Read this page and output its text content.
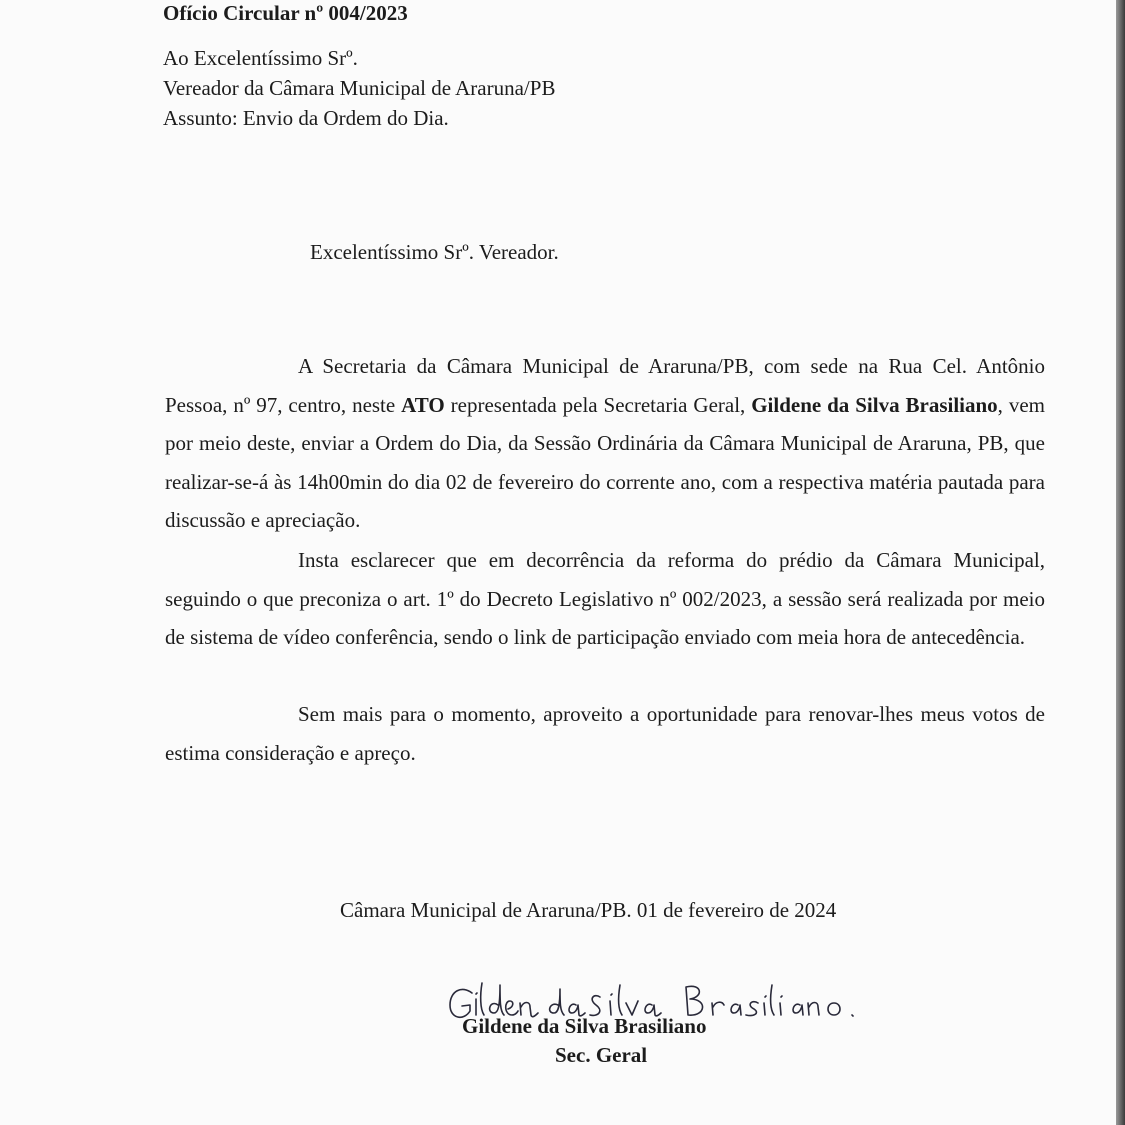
Ofício Circular nº 004/2023
Ao Excelentíssimo Srº.
Vereador da Câmara Municipal de Araruna/PB
Assunto: Envio da Ordem do Dia.
Excelentíssimo Srº. Vereador.
A Secretaria da Câmara Municipal de Araruna/PB, com sede na Rua Cel. Antônio Pessoa, nº 97, centro, neste ATO representada pela Secretaria Geral, Gildene da Silva Brasiliano, vem por meio deste, enviar a Ordem do Dia, da Sessão Ordinária da Câmara Municipal de Araruna, PB, que realizar-se-á às 14h00min do dia 02 de fevereiro do corrente ano, com a respectiva matéria pautada para discussão e apreciação.
Insta esclarecer que em decorrência da reforma do prédio da Câmara Municipal, seguindo o que preconiza o art. 1º do Decreto Legislativo nº 002/2023, a sessão será realizada por meio de sistema de vídeo conferência, sendo o link de participação enviado com meia hora de antecedência.
Sem mais para o momento, aproveito a oportunidade para renovar-lhes meus votos de estima consideração e apreço.
Câmara Municipal de Araruna/PB. 01 de fevereiro de 2024
Gildene da Silva Brasiliano
Sec. Geral
